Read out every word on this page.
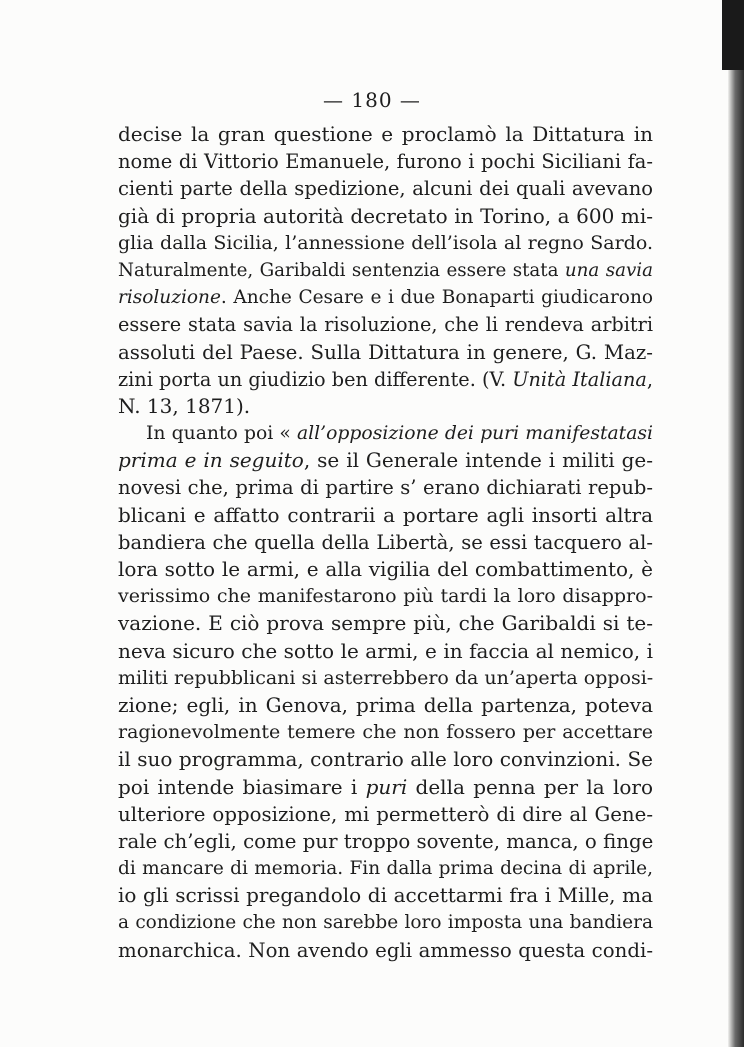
— 180 —
decise la gran questione e proclamò la Dittatura in
nome di Vittorio Emanuele, furono i pochi Siciliani fa-
cienti parte della spedizione, alcuni dei quali avevano
già di propria autorità decretato in Torino, a 600 mi-
glia dalla Sicilia, l’annessione dell’isola al regno Sardo.
Naturalmente, Garibaldi sentenzia essere stata una savia
risoluzione. Anche Cesare e i due Bonaparti giudicarono
essere stata savia la risoluzione, che li rendeva arbitri
assoluti del Paese. Sulla Dittatura in genere, G. Maz-
zini porta un giudizio ben differente. (V. Unità Italiana,
N. 13, 1871).
In quanto poi « all’opposizione dei puri manifestatasi
prima e in seguito, se il Generale intende i militi ge-
novesi che, prima di partire s’ erano dichiarati repub-
blicani e affatto contrarii a portare agli insorti altra
bandiera che quella della Libertà, se essi tacquero al-
lora sotto le armi, e alla vigilia del combattimento, è
verissimo che manifestarono più tardi la loro disappro-
vazione. E ciò prova sempre più, che Garibaldi si te-
neva sicuro che sotto le armi, e in faccia al nemico, i
militi repubblicani si asterrebbero da un’aperta opposi-
zione; egli, in Genova, prima della partenza, poteva
ragionevolmente temere che non fossero per accettare
il suo programma, contrario alle loro convinzioni. Se
poi intende biasimare i puri della penna per la loro
ulteriore opposizione, mi permetterò di dire al Gene-
rale ch’egli, come pur troppo sovente, manca, o finge
di mancare di memoria. Fin dalla prima decina di aprile,
io gli scrissi pregandolo di accettarmi fra i Mille, ma
a condizione che non sarebbe loro imposta una bandiera
monarchica. Non avendo egli ammesso questa condi-
